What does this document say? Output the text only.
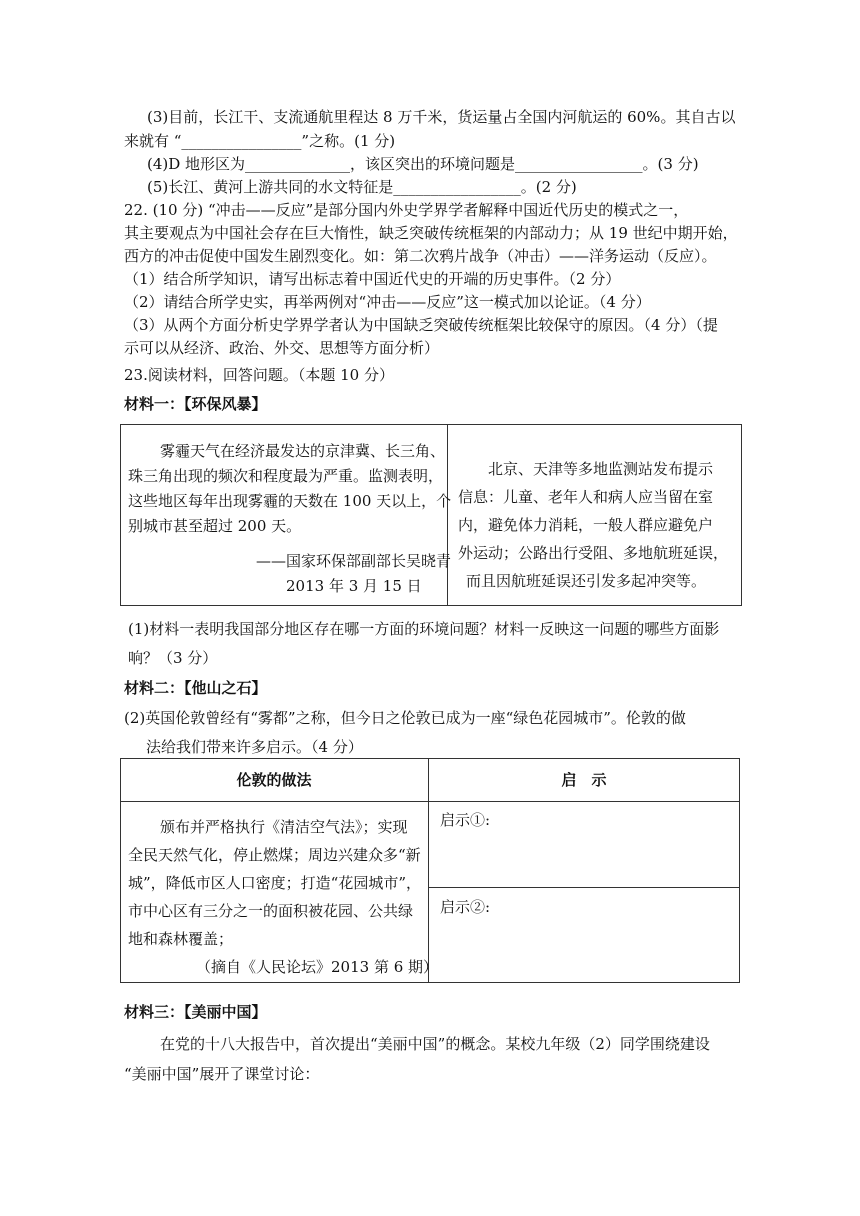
(3)目前，长江干、支流通航里程达 8 万千米，货运量占全国内河航运的 60%。其自古以
来就有 “________________”之称。(1 分)
(4)D 地形区为______________，该区突出的环境问题是_________________。(3 分)
(5)长江、黄河上游共同的水文特征是_________________。(2 分)
22. (10 分) “冲击——反应”是部分国内外史学界学者解释中国近代历史的模式之一，
其主要观点为中国社会存在巨大惰性，缺乏突破传统框架的内部动力；从 19 世纪中期开始，
西方的冲击促使中国发生剧烈变化。如：第二次鸦片战争（冲击）——洋务运动（反应）。
（1）结合所学知识，请写出标志着中国近代史的开端的历史事件。（2 分）
（2）请结合所学史实，再举两例对“冲击——反应”这一模式加以论证。（4 分）
（3）从两个方面分析史学界学者认为中国缺乏突破传统框架比较保守的原因。（4 分）（提
示可以从经济、政治、外交、思想等方面分析）
23.阅读材料，回答问题。（本题 10 分）
材料一：【环保风暴】
雾霾天气在经济最发达的京津冀、长三角、
珠三角出现的频次和程度最为严重。监测表明，
这些地区每年出现雾霾的天数在 100 天以上，个
别城市甚至超过 200 天。
——国家环保部副部长吴晓青
2013 年 3 月 15 日
北京、天津等多地监测站发布提示
信息：儿童、老年人和病人应当留在室
内，避免体力消耗，一般人群应避免户
外运动；公路出行受阻、多地航班延误，
而且因航班延误还引发多起冲突等。
(1)材料一表明我国部分地区存在哪一方面的环境问题？材料一反映这一问题的哪些方面影
响？（3 分）
材料二：【他山之石】
(2)英国伦敦曾经有“雾都”之称，但今日之伦敦已成为一座“绿色花园城市”。伦敦的做
法给我们带来许多启示。（4 分）
伦敦的做法	启　示
颁布并严格执行《清洁空气法》；实现
全民天然气化，停止燃煤；周边兴建众多“新
城”，降低市区人口密度；打造“花园城市”，
市中心区有三分之一的面积被花园、公共绿
地和森林覆盖；
（摘自《人民论坛》2013 第 6 期）
启示①:
启示②:
材料三：【美丽中国】
在党的十八大报告中，首次提出“美丽中国”的概念。某校九年级（2）同学围绕建设
“美丽中国”展开了课堂讨论：
